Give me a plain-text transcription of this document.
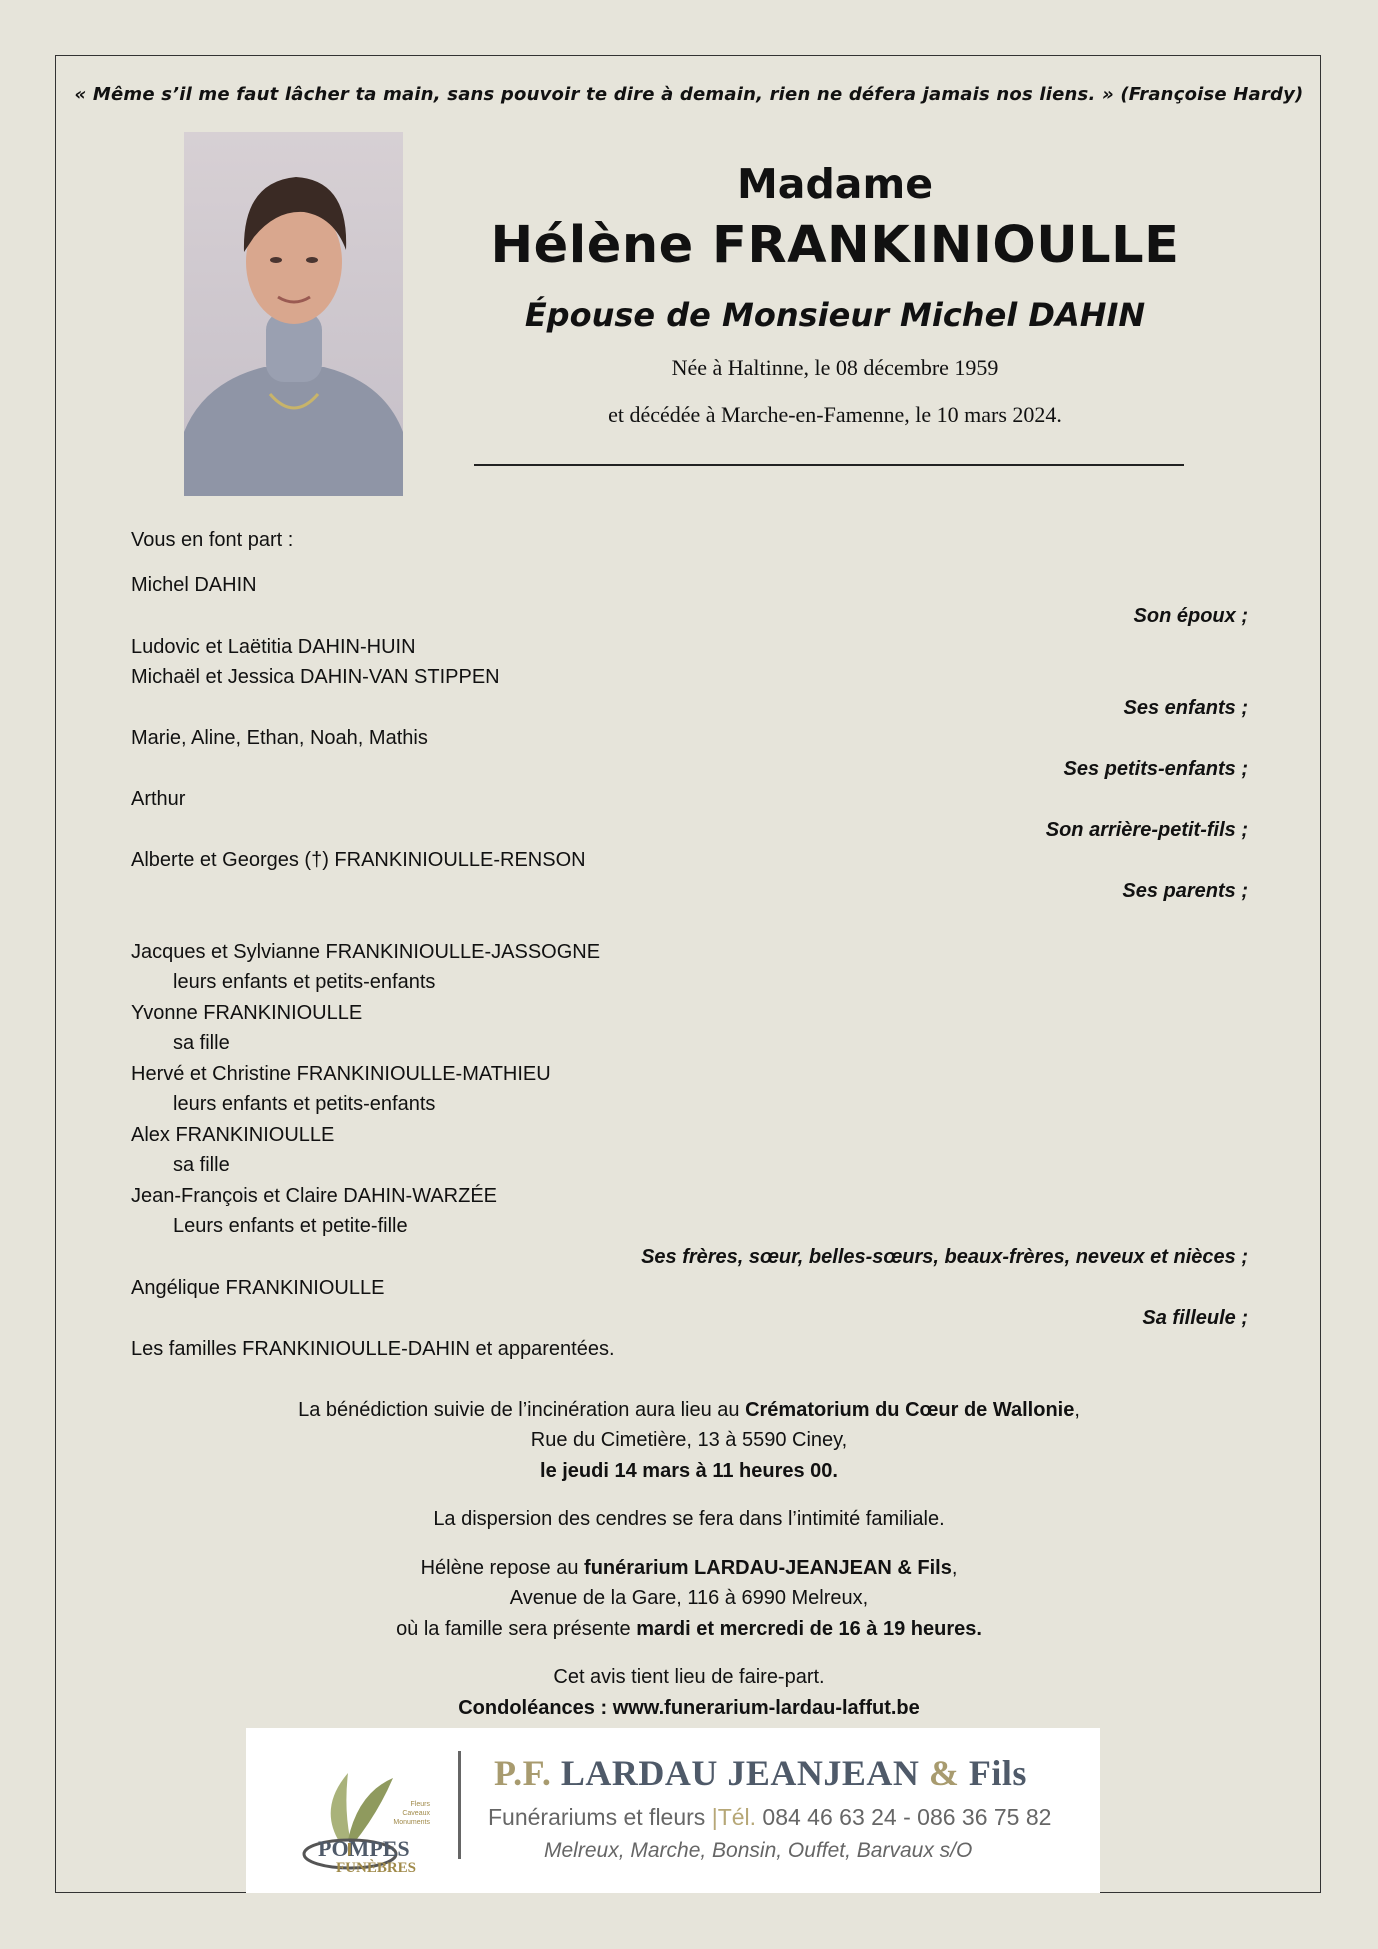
« Même s’il me faut lâcher ta main, sans pouvoir te dire à demain, rien ne défera jamais nos liens. » (Françoise Hardy)
Madame
Hélène FRANKINIOULLE
Épouse de Monsieur Michel DAHIN
Née à Haltinne, le 08 décembre 1959
et décédée à Marche-en-Famenne, le 10 mars 2024.
Vous en font part :
Michel DAHIN
Son époux ;
Ludovic et Laëtitia DAHIN-HUIN
Michaël et Jessica DAHIN-VAN STIPPEN
Ses enfants ;
Marie, Aline, Ethan, Noah, Mathis
Ses petits-enfants ;
Arthur
Son arrière-petit-fils ;
Alberte et Georges (†) FRANKINIOULLE-RENSON
Ses parents ;
Jacques et Sylvianne FRANKINIOULLE-JASSOGNE
leurs enfants et petits-enfants
Yvonne FRANKINIOULLE
sa fille
Hervé et Christine FRANKINIOULLE-MATHIEU
leurs enfants et petits-enfants
Alex FRANKINIOULLE
sa fille
Jean-François et Claire DAHIN-WARZÉE
Leurs enfants et petite-fille
Ses frères, sœur, belles-sœurs, beaux-frères, neveux et nièces ;
Angélique FRANKINIOULLE
Sa filleule ;
Les familles FRANKINIOULLE-DAHIN et apparentées.
La bénédiction suivie de l’incinération aura lieu au Crématorium du Cœur de Wallonie,
Rue du Cimetière, 13 à 5590 Ciney,
le jeudi 14 mars à 11 heures 00.
La dispersion des cendres se fera dans l’intimité familiale.
Hélène repose au funérarium LARDAU-JEANJEAN & Fils,
Avenue de la Gare, 116 à 6990 Melreux,
où la famille sera présente mardi et mercredi de 16 à 19 heures.
Cet avis tient lieu de faire-part.
Condoléances : www.funerarium-lardau-laffut.be
Fleurs
Caveaux
Monuments
POMPES
FUNÈBRES
P.F. LARDAU JEANJEAN & Fils
Funérariums et fleurs |Tél. 084 46 63 24 - 086 36 75 82
Melreux, Marche, Bonsin, Ouffet, Barvaux s/O
